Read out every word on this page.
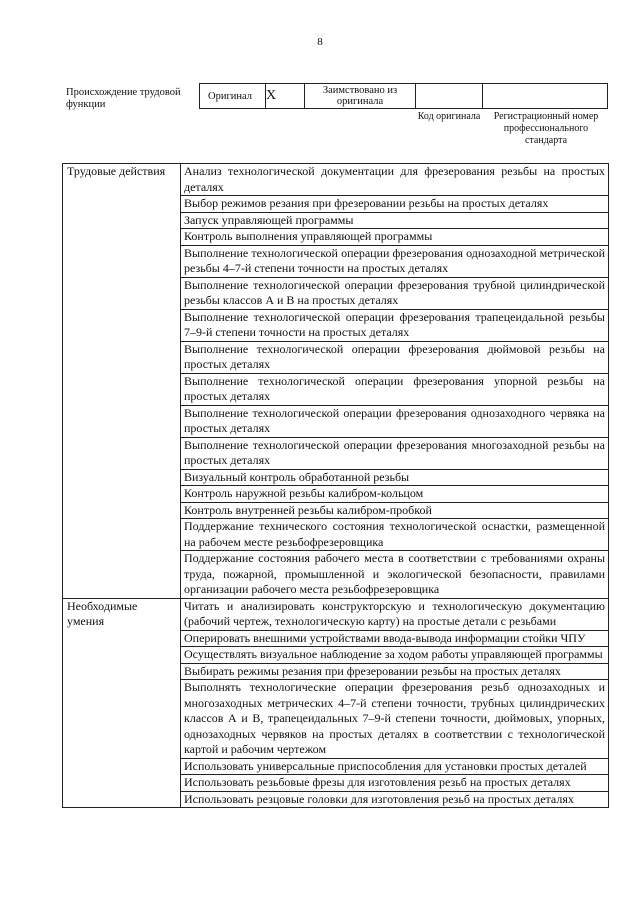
8
Происхождение трудовой функции
Оригинал	X	Заимствовано из оригинала		
Код оригинала	Регистрационный номер профессионального стандарта
Трудовые действия	Анализ технологической документации для фрезерования резьбы на простых деталях
	Выбор режимов резания при фрезеровании резьбы на простых деталях
	Запуск управляющей программы
	Контроль выполнения управляющей программы
	Выполнение технологической операции фрезерования однозаходной метрической резьбы 4–7-й степени точности на простых деталях
	Выполнение технологической операции фрезерования трубной цилиндрической резьбы классов А и В на простых деталях
	Выполнение технологической операции фрезерования трапецеидальной резьбы 7–9-й степени точности на простых деталях
	Выполнение технологической операции фрезерования дюймовой резьбы на простых деталях
	Выполнение технологической операции фрезерования упорной резьбы на простых деталях
	Выполнение технологической операции фрезерования однозаходного червяка на простых деталях
	Выполнение технологической операции фрезерования многозаходной резьбы на простых деталях
	Визуальный контроль обработанной резьбы
	Контроль наружной резьбы калибром-кольцом
	Контроль внутренней резьбы калибром-пробкой
	Поддержание технического состояния технологической оснастки, размещенной на рабочем месте резьбофрезеровщика
	Поддержание состояния рабочего места в соответствии с требованиями охраны труда, пожарной, промышленной и экологической безопасности, правилами организации рабочего места резьбофрезеровщика
Необходимые умения	Читать и анализировать конструкторскую и технологическую документацию (рабочий чертеж, технологическую карту) на простые детали с резьбами
	Оперировать внешними устройствами ввода-вывода информации стойки ЧПУ
	Осуществлять визуальное наблюдение за ходом работы управляющей программы
	Выбирать режимы резания при фрезеровании резьбы на простых деталях
	Выполнять технологические операции фрезерования резьб однозаходных и многозаходных метрических 4–7-й степени точности, трубных цилиндрических классов А и В, трапецеидальных 7–9-й степени точности, дюймовых, упорных, однозаходных червяков на простых деталях в соответствии с технологической картой и рабочим чертежом
	Использовать универсальные приспособления для установки простых деталей
	Использовать резьбовые фрезы для изготовления резьб на простых деталях
	Использовать резцовые головки для изготовления резьб на простых деталях
